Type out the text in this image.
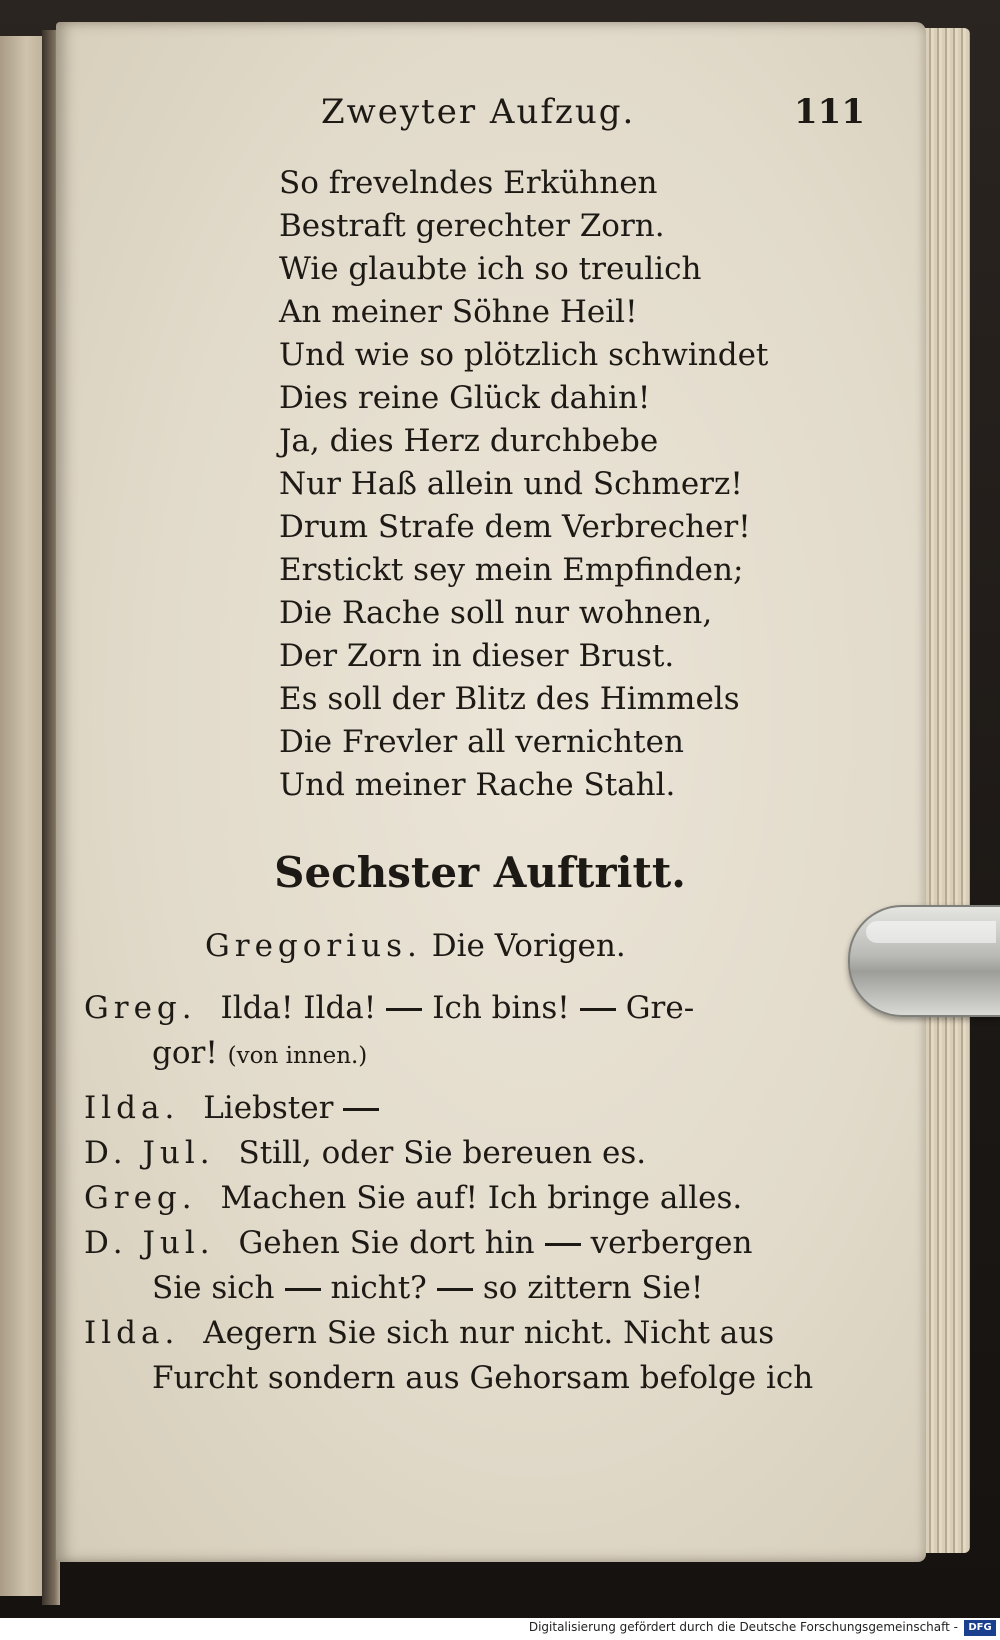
Zweyter Aufzug.	111
So frevelndes Erkühnen
Bestraft gerechter Zorn.
Wie glaubte ich so treulich
An meiner Söhne Heil!
Und wie so plötzlich schwindet
Dies reine Glück dahin!
Ja, dies Herz durchbebe
Nur Haß allein und Schmerz!
Drum Strafe dem Verbrecher!
Erstickt sey mein Empfinden;
Die Rache soll nur wohnen,
Der Zorn in dieser Brust.
Es soll der Blitz des Himmels
Die Frevler all vernichten
Und meiner Rache Stahl.
Sechster Auftritt.
Gregorius. Die Vorigen.
Greg. Ilda! Ilda! Ich bins! Gre-
gor! (von innen.)
Ilda. Liebster
D. Jul. Still, oder Sie bereuen es.
Greg. Machen Sie auf! Ich bringe alles.
D. Jul. Gehen Sie dort hin verbergen
Sie sich nicht? so zittern Sie!
Ilda. Aegern Sie sich nur nicht. Nicht aus
Furcht sondern aus Gehorsam befolge ich
Digitalisierung gefördert durch die Deutsche Forschungsgemeinschaft -	DFG
